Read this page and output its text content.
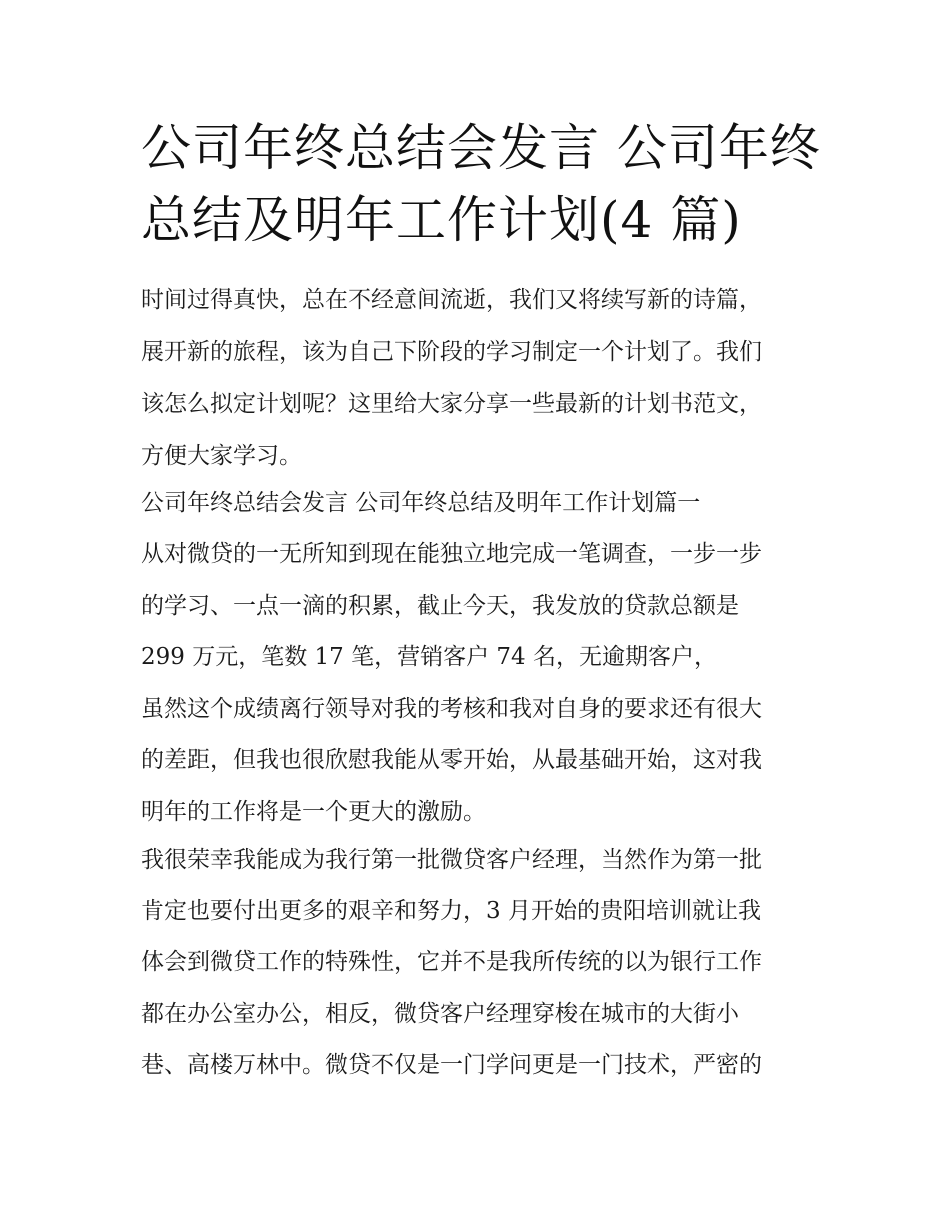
公司年终总结会发言 公司年终
总结及明年工作计划(4 篇)

时间过得真快，总在不经意间流逝，我们又将续写新的诗篇，

展开新的旅程，该为自己下阶段的学习制定一个计划了。我们

该怎么拟定计划呢？这里给大家分享一些最新的计划书范文，

方便大家学习。

公司年终总结会发言 公司年终总结及明年工作计划篇一

从对微贷的一无所知到现在能独立地完成一笔调查，一步一步

的学习、一点一滴的积累，截止今天，我发放的贷款总额是

299 万元，笔数 17 笔，营销客户 74 名，无逾期客户，

虽然这个成绩离行领导对我的考核和我对自身的要求还有很大

的差距，但我也很欣慰我能从零开始，从最基础开始，这对我

明年的工作将是一个更大的激励。

我很荣幸我能成为我行第一批微贷客户经理，当然作为第一批

肯定也要付出更多的艰辛和努力，3 月开始的贵阳培训就让我

体会到微贷工作的特殊性，它并不是我所传统的以为银行工作

都在办公室办公，相反，微贷客户经理穿梭在城市的大街小

巷、高楼万林中。微贷不仅是一门学问更是一门技术，严密的
